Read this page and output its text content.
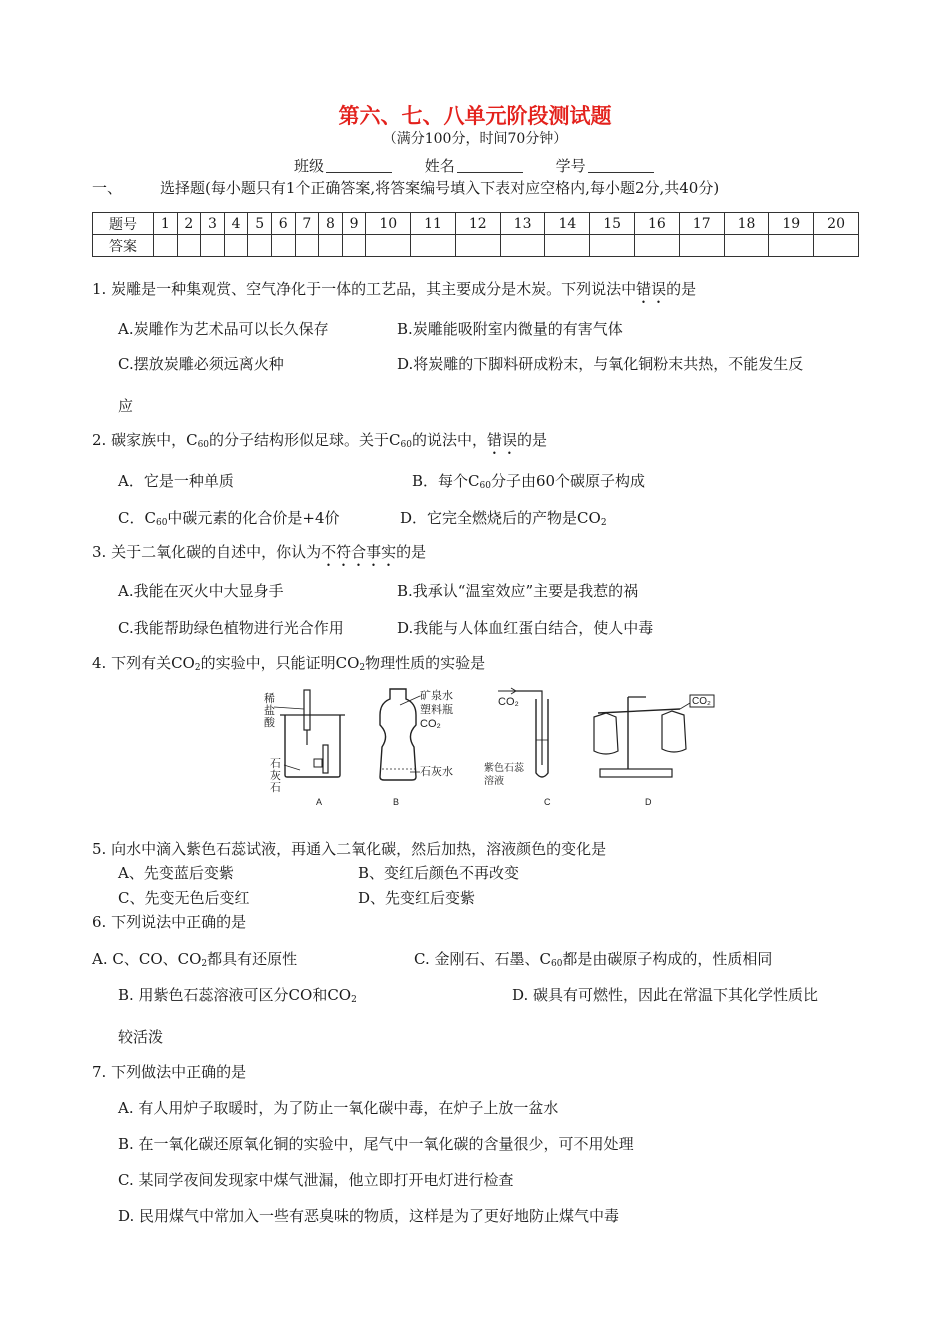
第六、七、八单元阶段测试题
（满分100分，时间70分钟）
班级	姓名	学号
一、	选择题(每小题只有1个正确答案,将答案编号填入下表对应空格内,每小题2分,共40分)
题号	1	2	3	4	5	6	7	8	9	10	11	12	13	14	15	16	17	18	19	20
答案																				
1. 炭雕是一种集观赏、空气净化于一体的工艺品，其主要成分是木炭。下列说法中错误的是
A.炭雕作为艺术品可以长久保存	B.炭雕能吸附室内微量的有害气体
C.摆放炭雕必须远离火种	D.将炭雕的下脚料研成粉末，与氧化铜粉末共热，不能发生反
应
2. 碳家族中，$C_{60}$的分子结构形似足球。关于$C_{60}$的说法中，错误的是
A．它是一种单质	B．每个$C_{60}$分子由60个碳原子构成
C．$C_{60}$中碳元素的化合价是+4价	D．它完全燃烧后的产物是$CO_2$
3. 关于二氧化碳的自述中，你认为不符合事实的是
A.我能在灭火中大显身手	B.我承认“温室效应”主要是我惹的祸
C.我能帮助绿色植物进行光合作用	D.我能与人体血红蛋白结合，使人中毒
4. 下列有关$CO_2$的实验中，只能证明$CO_2$物理性质的实验是
稀
盐
酸
石
灰
石
A
矿泉水
塑料瓶
CO₂
石灰水
B
CO₂
紫色石蕊
溶液
C
CO₂
D
5. 向水中滴入紫色石蕊试液，再通入二氧化碳，然后加热，溶液颜色的变化是
A、先变蓝后变紫	B、变红后颜色不再改变
C、先变无色后变红	D、先变红后变紫
6. 下列说法中正确的是
A. C、CO、$CO_2$都具有还原性	C. 金刚石、石墨、$C_{60}$都是由碳原子构成的，性质相同
B. 用紫色石蕊溶液可区分CO和$CO_2$	D. 碳具有可燃性，因此在常温下其化学性质比
较活泼
7. 下列做法中正确的是
A. 有人用炉子取暖时，为了防止一氧化碳中毒，在炉子上放一盆水
B. 在一氧化碳还原氧化铜的实验中，尾气中一氧化碳的含量很少，可不用处理
C. 某同学夜间发现家中煤气泄漏，他立即打开电灯进行检查
D. 民用煤气中常加入一些有恶臭味的物质，这样是为了更好地防止煤气中毒
